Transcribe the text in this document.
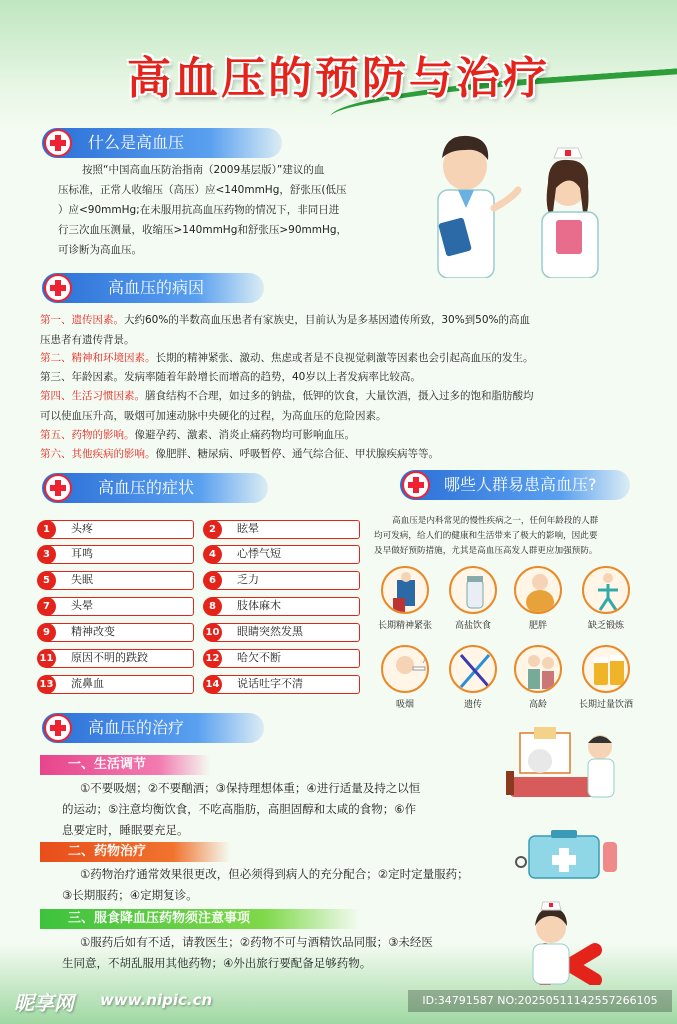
高血压的预防与治疗
什么是高血压
按照“中国高血压防治指南（2009基层版）”建议的血
压标准，正常人收缩压（高压）应<140mmHg，舒张压(低压
）应<90mmHg;在未服用抗高血压药物的情况下，非同日进
行三次血压测量，收缩压>140mmHg和舒张压>90mmHg，
可诊断为高血压。
高血压的病因
第一、遗传因素。大约60%的半数高血压患者有家族史，目前认为是多基因遗传所致，30%到50%的高血
压患者有遗传背景。
第二、精神和环境因素。长期的精神紧张、激动、焦虑或者是不良视觉刺激等因素也会引起高血压的发生。
第三、年龄因素。发病率随着年龄增长而增高的趋势，40岁以上者发病率比较高。
第四、生活习惯因素。膳食结构不合理，如过多的钠盐，低钾的饮食，大量饮酒，摄入过多的饱和脂肪酸均
可以使血压升高，吸烟可加速动脉中央硬化的过程，为高血压的危险因素。
第五、药物的影响。像避孕药、激素、消炎止痛药物均可影响血压。
第六、其他疾病的影响。像肥胖、糖尿病、呼吸暂停、通气综合征、甲状腺疾病等等。
高血压的症状
1	头疼	2	眩晕
3	耳鸣	4	心悸气短
5	失眠	6	乏力
7	头晕	8	肢体麻木
9	精神改变	10 眼睛突然发黑
11 原因不明的跌跤	12 哈欠不断
13 流鼻血	14 说话吐字不清
哪些人群易患高血压?
高血压是内科常见的慢性疾病之一，任何年龄段的人群
均可发病，给人们的健康和生活带来了极大的影响，因此要
及早做好预防措施，尤其是高血压高发人群更应加强预防。
长期精神紧张	高盐饮食	肥胖	缺乏锻炼
吸烟	遗传	高龄	长期过量饮酒
高血压的治疗
一、生活调节
①不要吸烟；②不要酗酒；③保持理想体重；④进行适量及持之以恒
的运动；⑤注意均衡饮食，不吃高脂肪，高胆固醇和太咸的食物；⑥作
息要定时，睡眠要充足。
二、药物治疗
①药物治疗通常效果很更改，但必须得到病人的充分配合；②定时定量服药；
③长期服药；④定期复诊。
三、服食降血压药物须注意事项
①服药后如有不适，请教医生；②药物不可与酒精饮品同服；③未经医
生同意，不胡乱服用其他药物；④外出旅行要配备足够药物。
昵享网 www.nipic.cn	ID:34791587 NO:20250511142557266105
